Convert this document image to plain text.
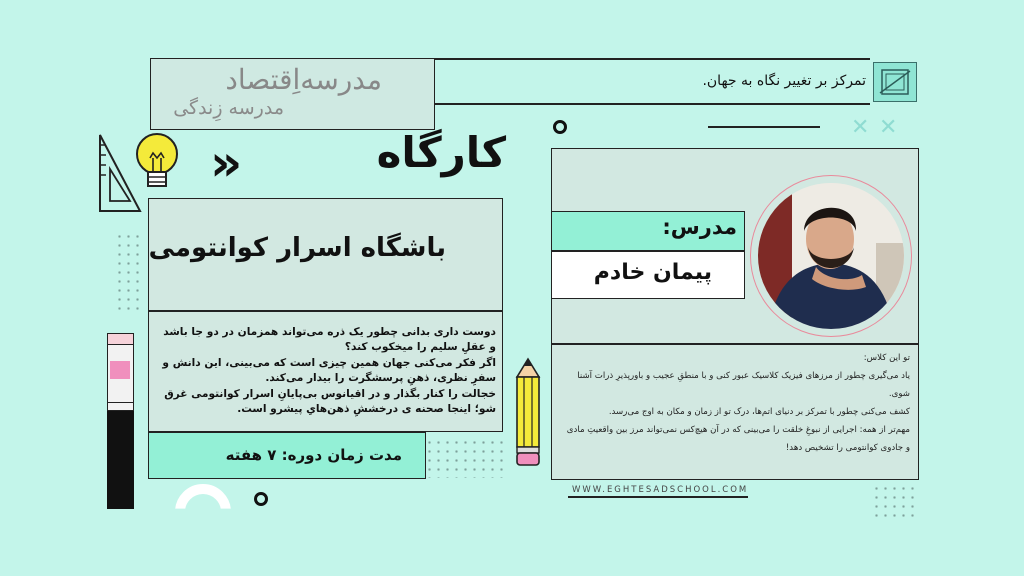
مدرسه‌اِقتصاد
مدرسه‌ زِندگی
تمرکز بر تغییر نگاه به جهان.
✕ ✕
»	کارگاه
باشگاه اسرار کوانتومی
دوست داری بدانی چطور یک ذره می‌تواند همزمان در دو جا باشد و عقلِ سلیم را میخکوب کند؟
اگر فکر می‌کنی جهان همین چیزی است که می‌بینی، این دانش و سفرِ نظری، ذهنِ پرسشگرت را بیدار می‌کند.
خجالت را کنار بگذار و در اقیانوس بی‌پایانِ اسرار کوانتومی غرق شو؛ اینجا صحنه ی درخششِ ذهن‌هایِ پیشرو است.
مدت زمان دوره: ۷ هفته
مدرس:
پیمان خادم
تو این کلاس:
یاد می‌گیری چطور از مرزهای فیزیک کلاسیک عبور کنی و با منطقِ عجیب و باورپذیرِ ذرات آشنا شوی.
کشف می‌کنی چطور با تمرکز بر دنیای اتم‌ها، درک تو از زمان و مکان به اوج می‌رسد.
مهم‌تر از همه: اجرایی از نبوغِ خلقت را می‌بینی که در آن هیچ‌کس نمی‌تواند مرز بین واقعیتِ مادی و جادوی کوانتومی را تشخیص دهد!
WWW.EGHTESADSCHOOL.COM
